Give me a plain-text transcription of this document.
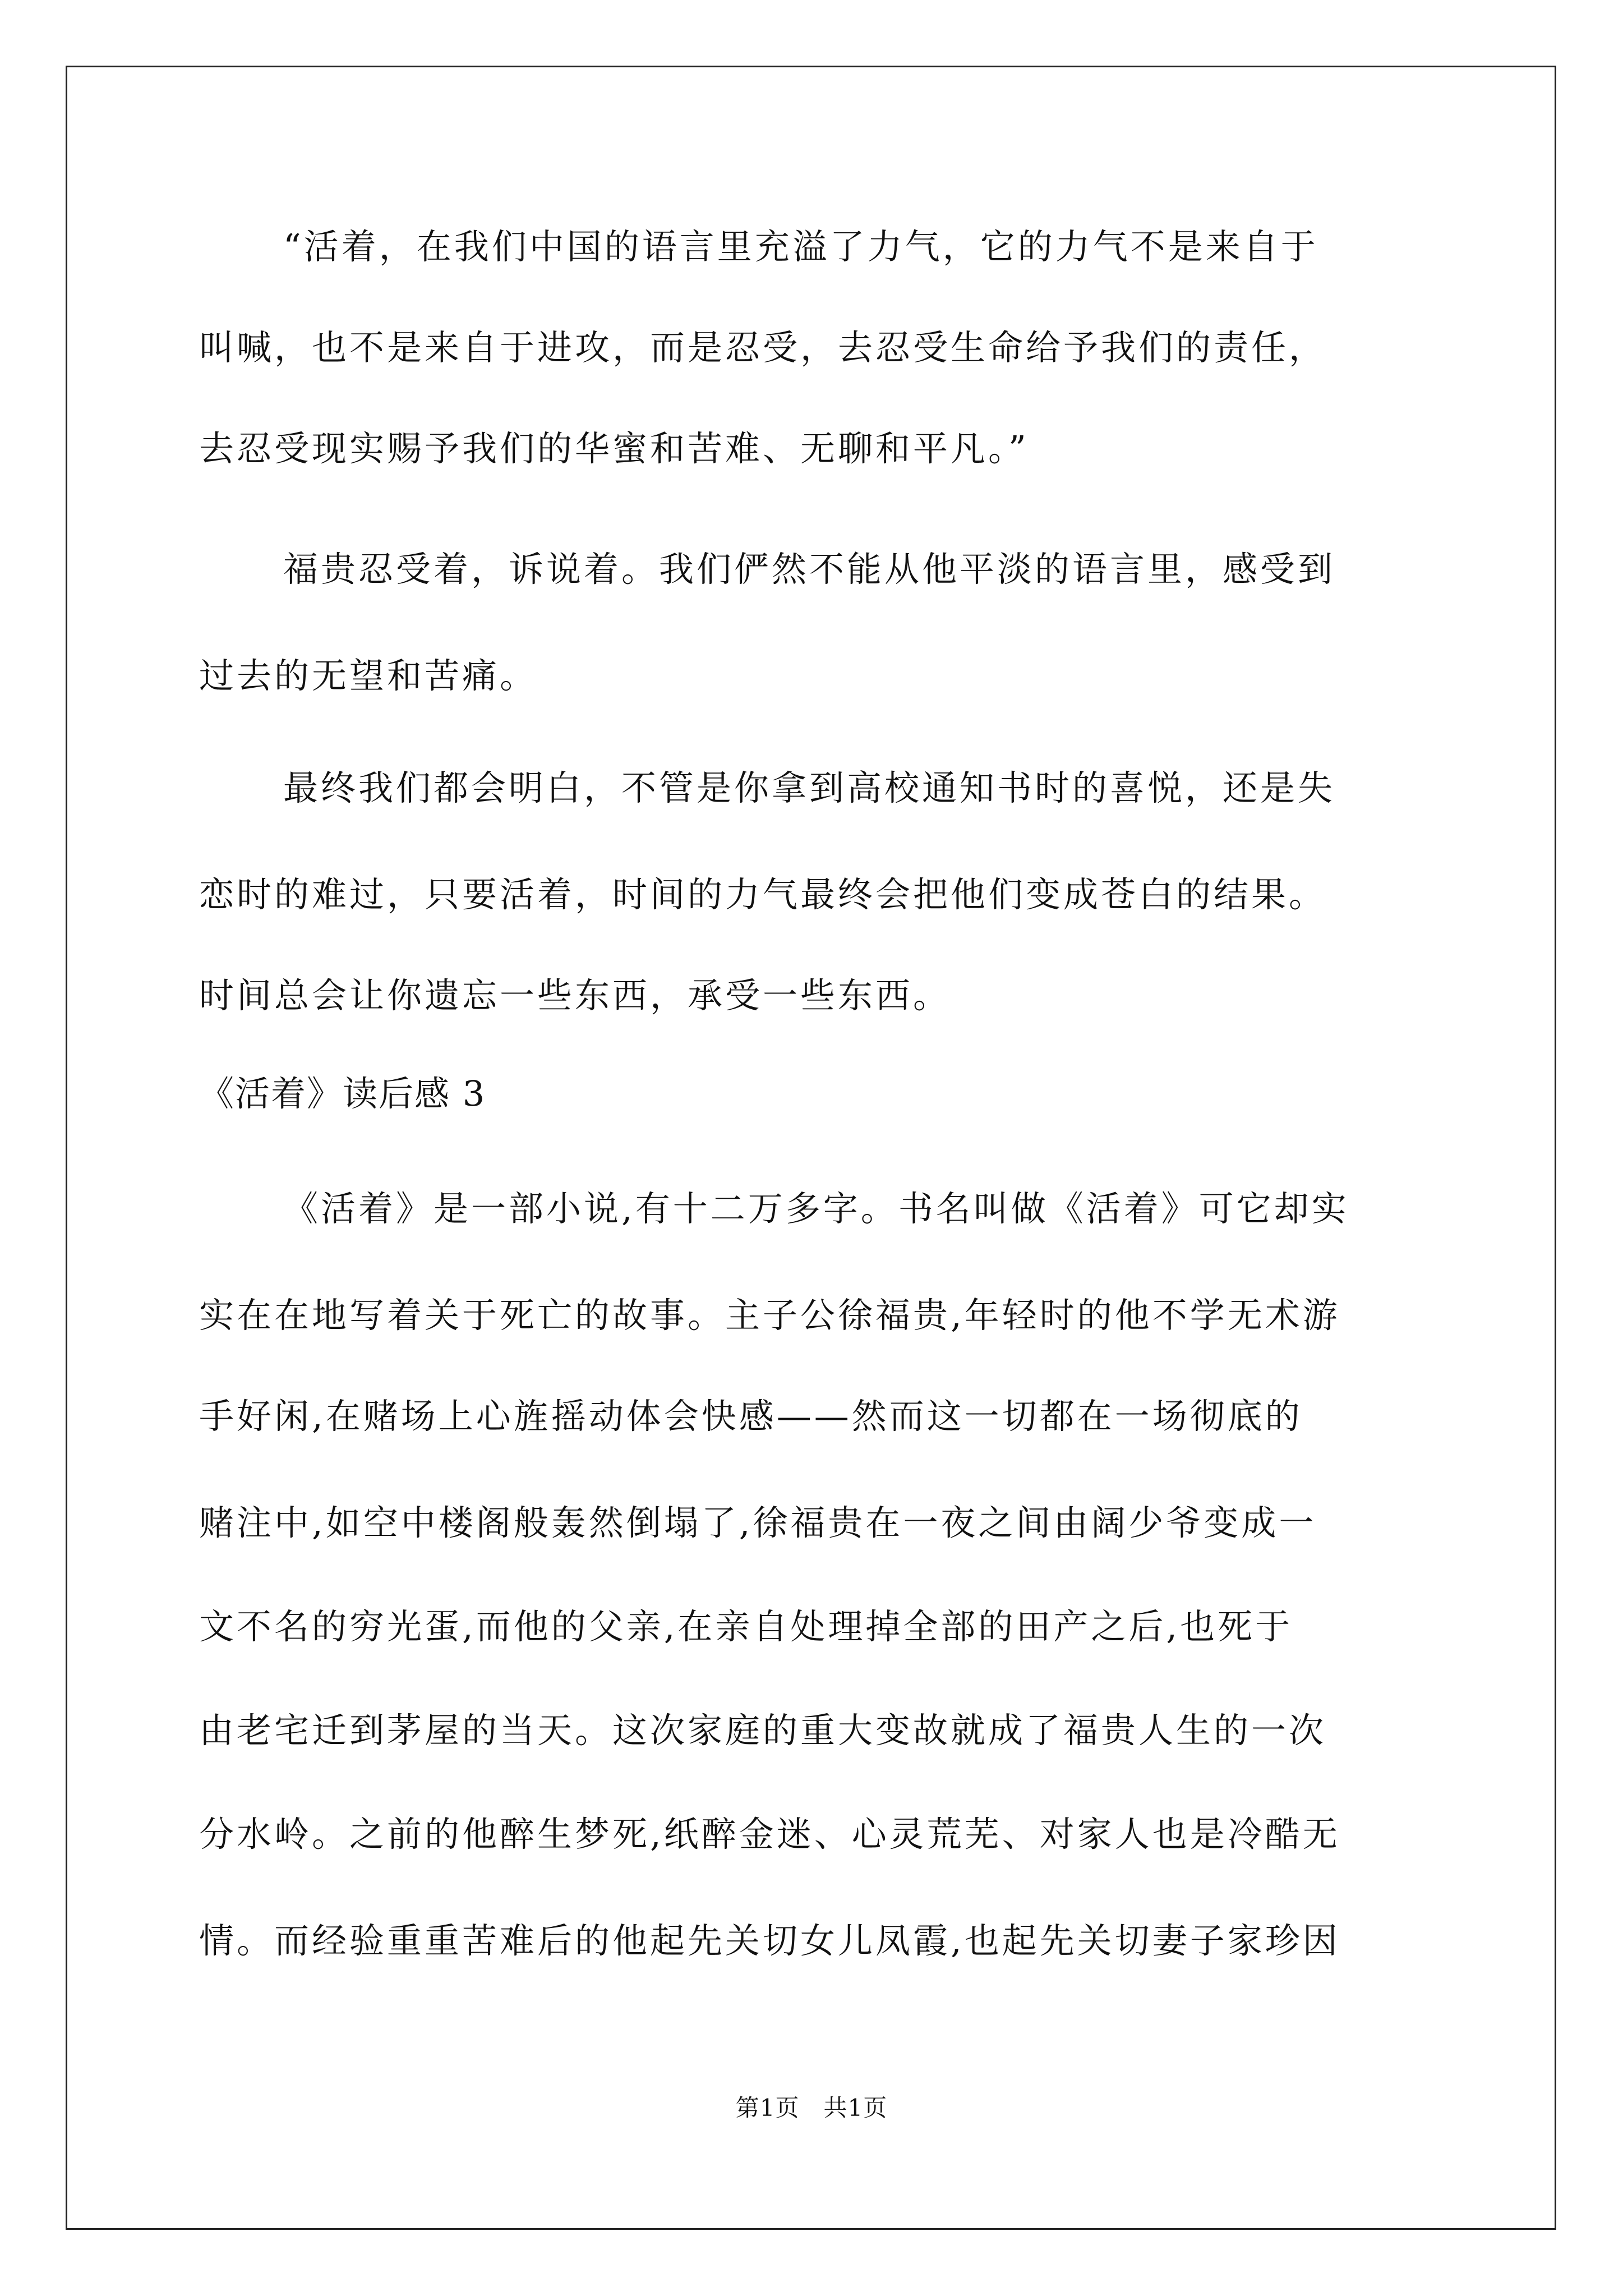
“活着，在我们中国的语言里充溢了力气，它的力气不是来自于
叫喊，也不是来自于进攻，而是忍受，去忍受生命给予我们的责任，
去忍受现实赐予我们的华蜜和苦难、无聊和平凡。”
福贵忍受着，诉说着。我们俨然不能从他平淡的语言里，感受到
过去的无望和苦痛。
最终我们都会明白，不管是你拿到高校通知书时的喜悦，还是失
恋时的难过，只要活着，时间的力气最终会把他们变成苍白的结果。
时间总会让你遗忘一些东西，承受一些东西。
《活着》读后感 3
《活着》是一部小说,有十二万多字。书名叫做《活着》可它却实
实在在地写着关于死亡的故事。主子公徐福贵,年轻时的他不学无术游
手好闲,在赌场上心旌摇动体会快感——然而这一切都在一场彻底的
赌注中,如空中楼阁般轰然倒塌了,徐福贵在一夜之间由阔少爷变成一
文不名的穷光蛋,而他的父亲,在亲自处理掉全部的田产之后,也死于
由老宅迁到茅屋的当天。这次家庭的重大变故就成了福贵人生的一次
分水岭。之前的他醉生梦死,纸醉金迷、心灵荒芜、对家人也是冷酷无
情。而经验重重苦难后的他起先关切女儿凤霞,也起先关切妻子家珍因
第1页　共1页
